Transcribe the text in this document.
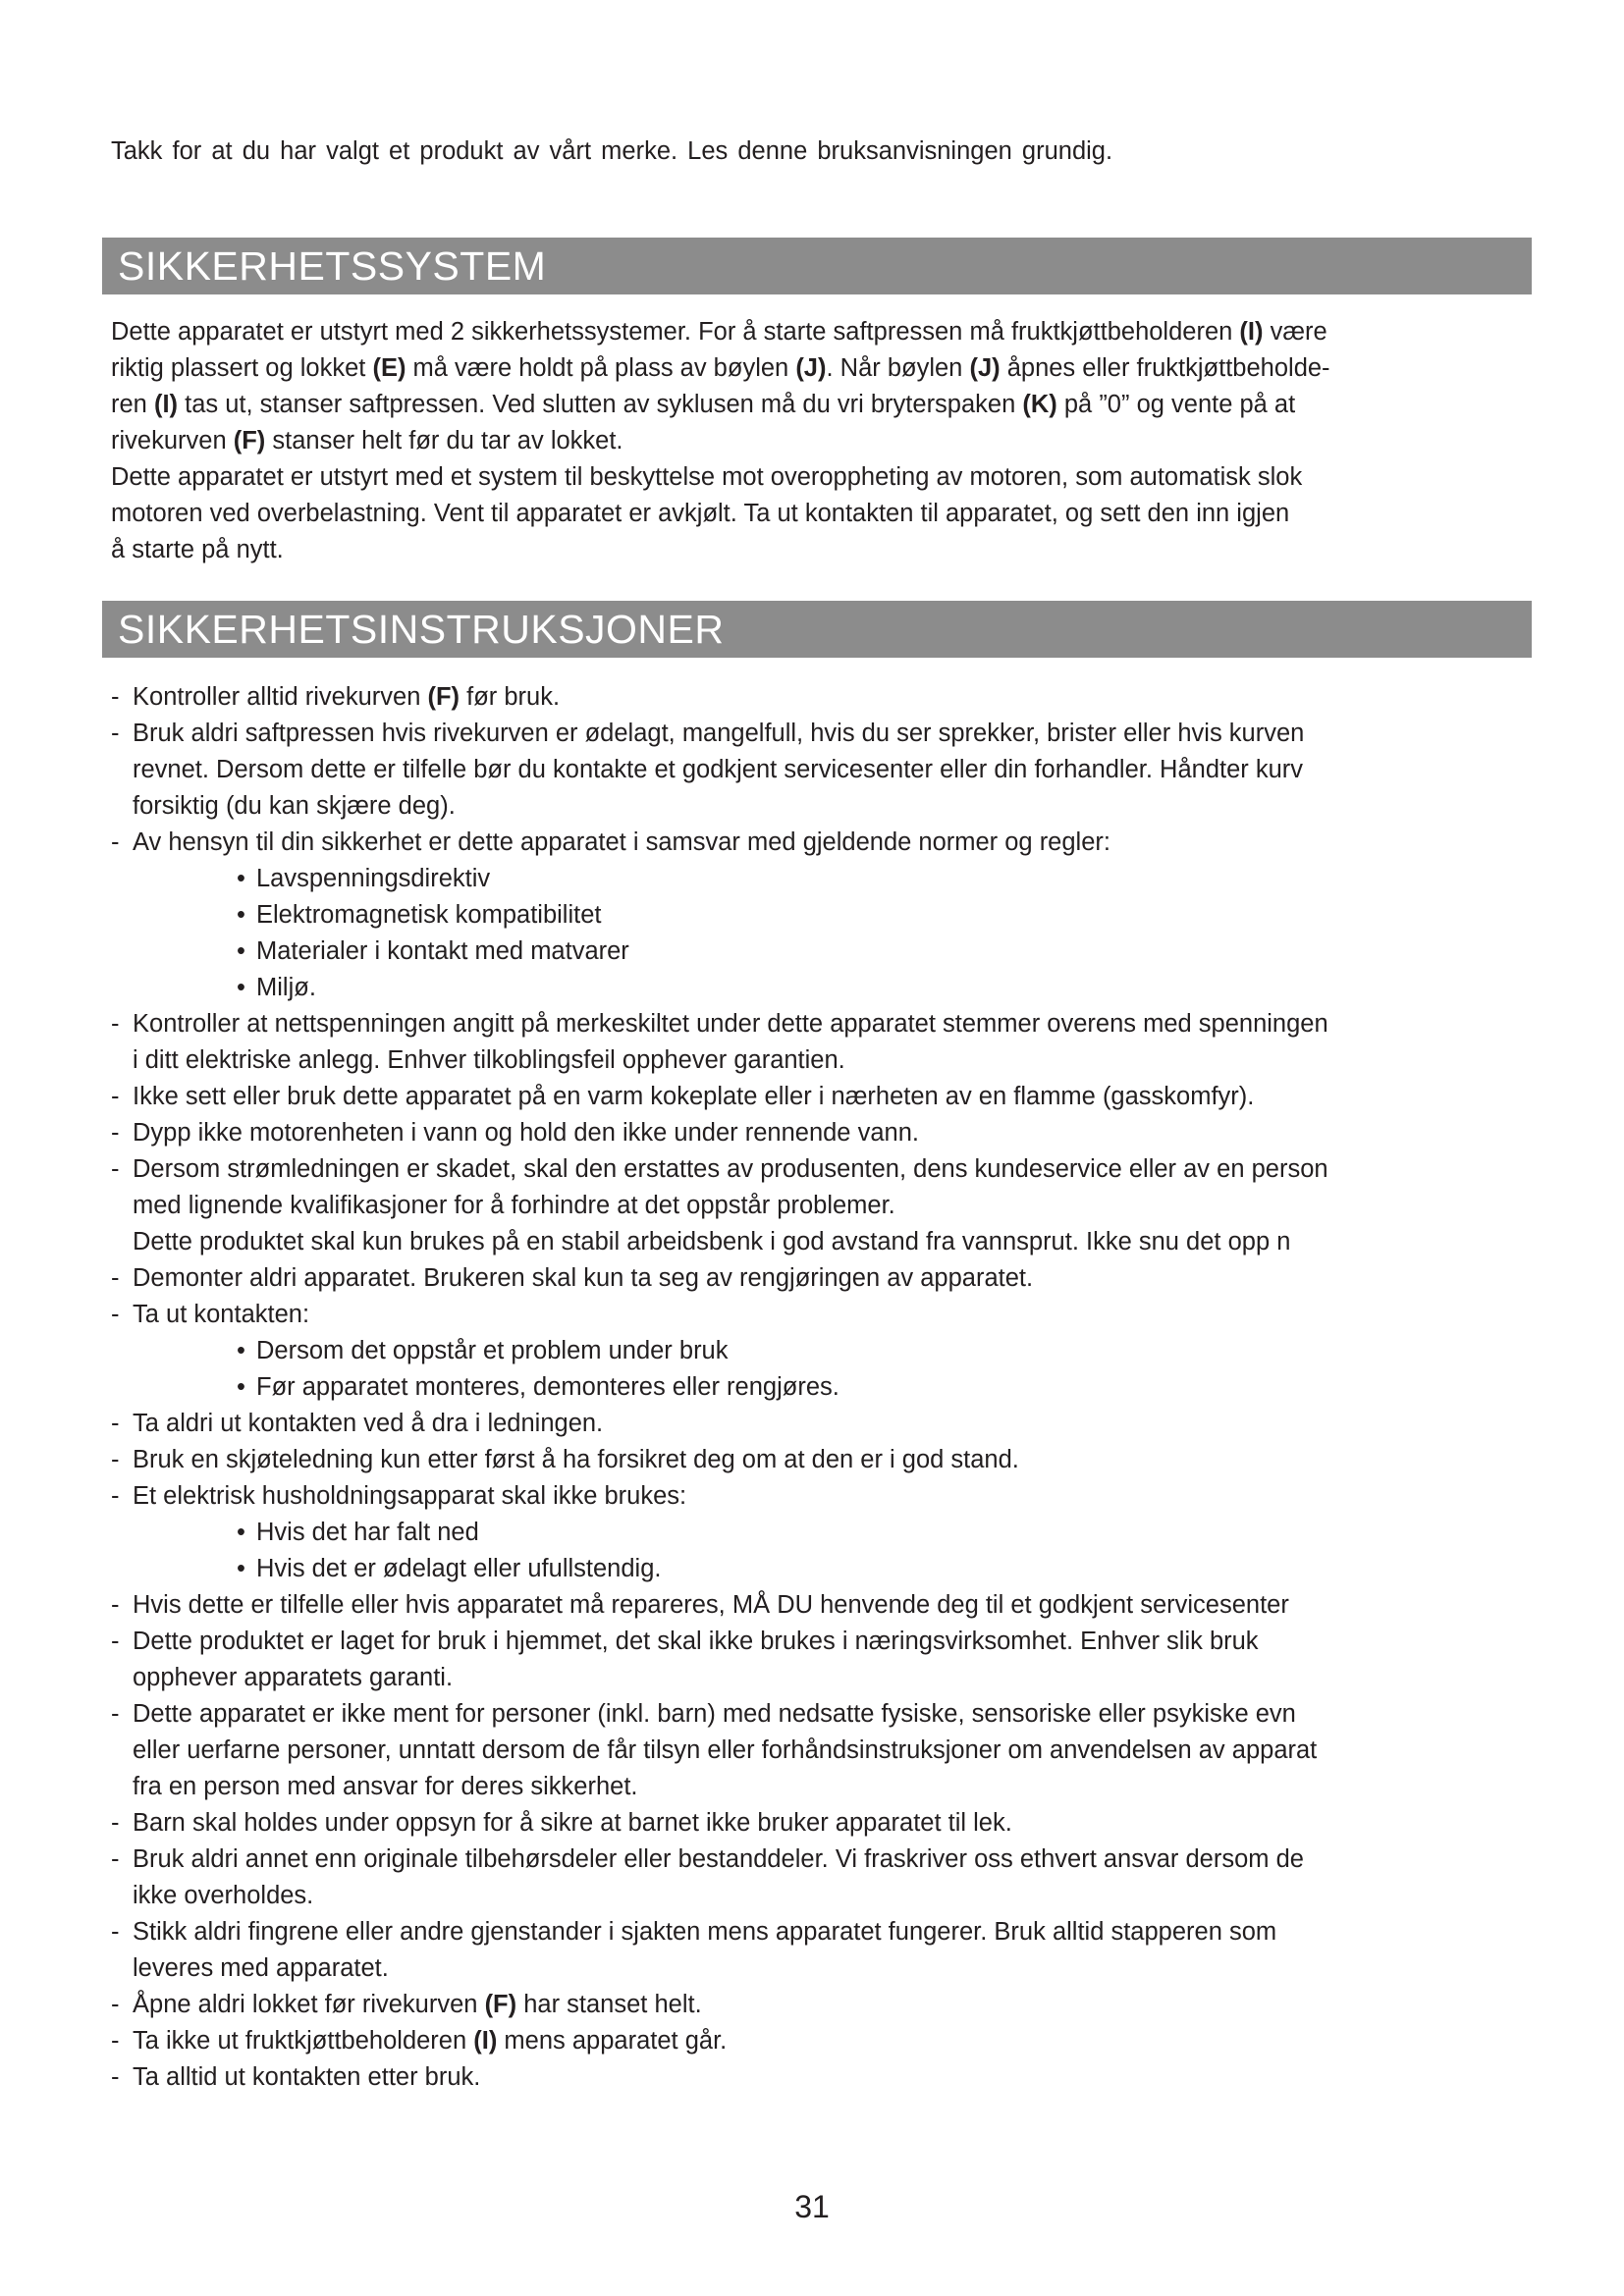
Takk for at du har valgt et produkt av vårt merke. Les denne bruksanvisningen grundig.
SIKKERHETSSYSTEM
Dette apparatet er utstyrt med 2 sikkerhetssystemer. For å starte saftpressen må fruktkjøttbeholderen (I) være
riktig plassert og lokket (E) må være holdt på plass av bøylen (J). Når bøylen (J) åpnes eller fruktkjøttbeholde-
ren (I) tas ut, stanser saftpressen. Ved slutten av syklusen må du vri bryterspaken (K) på ”0” og vente på at
rivekurven (F) stanser helt før du tar av lokket.
Dette apparatet er utstyrt med et system til beskyttelse mot overoppheting av motoren, som automatisk slok
motoren ved overbelastning. Vent til apparatet er avkjølt. Ta ut kontakten til apparatet, og sett den inn igjen
å starte på nytt.
SIKKERHETSINSTRUKSJONER
- Kontroller alltid rivekurven (F) før bruk.
- Bruk aldri saftpressen hvis rivekurven er ødelagt, mangelfull, hvis du ser sprekker, brister eller hvis kurven
revnet. Dersom dette er tilfelle bør du kontakte et godkjent servicesenter eller din forhandler. Håndter kurv
forsiktig (du kan skjære deg).
- Av hensyn til din sikkerhet er dette apparatet i samsvar med gjeldende normer og regler:
• Lavspenningsdirektiv
• Elektromagnetisk kompatibilitet
• Materialer i kontakt med matvarer
• Miljø.
- Kontroller at nettspenningen angitt på merkeskiltet under dette apparatet stemmer overens med spenningen
i ditt elektriske anlegg. Enhver tilkoblingsfeil opphever garantien.
- Ikke sett eller bruk dette apparatet på en varm kokeplate eller i nærheten av en flamme (gasskomfyr).
- Dypp ikke motorenheten i vann og hold den ikke under rennende vann.
- Dersom strømledningen er skadet, skal den erstattes av produsenten, dens kundeservice eller av en person
med lignende kvalifikasjoner for å forhindre at det oppstår problemer.
Dette produktet skal kun brukes på en stabil arbeidsbenk i god avstand fra vannsprut. Ikke snu det opp n
- Demonter aldri apparatet. Brukeren skal kun ta seg av rengjøringen av apparatet.
- Ta ut kontakten:
• Dersom det oppstår et problem under bruk
• Før apparatet monteres, demonteres eller rengjøres.
- Ta aldri ut kontakten ved å dra i ledningen.
- Bruk en skjøteledning kun etter først å ha forsikret deg om at den er i god stand.
- Et elektrisk husholdningsapparat skal ikke brukes:
• Hvis det har falt ned
• Hvis det er ødelagt eller ufullstendig.
- Hvis dette er tilfelle eller hvis apparatet må repareres, MÅ DU henvende deg til et godkjent servicesenter
- Dette produktet er laget for bruk i hjemmet, det skal ikke brukes i næringsvirksomhet. Enhver slik bruk
opphever apparatets garanti.
- Dette apparatet er ikke ment for personer (inkl. barn) med nedsatte fysiske, sensoriske eller psykiske evn
eller uerfarne personer, unntatt dersom de får tilsyn eller forhåndsinstruksjoner om anvendelsen av apparat
fra en person med ansvar for deres sikkerhet.
- Barn skal holdes under oppsyn for å sikre at barnet ikke bruker apparatet til lek.
- Bruk aldri annet enn originale tilbehørsdeler eller bestanddeler. Vi fraskriver oss ethvert ansvar dersom de
ikke overholdes.
- Stikk aldri fingrene eller andre gjenstander i sjakten mens apparatet fungerer. Bruk alltid stapperen som
leveres med apparatet.
- Åpne aldri lokket før rivekurven (F) har stanset helt.
- Ta ikke ut fruktkjøttbeholderen (I) mens apparatet går.
- Ta alltid ut kontakten etter bruk.
31
